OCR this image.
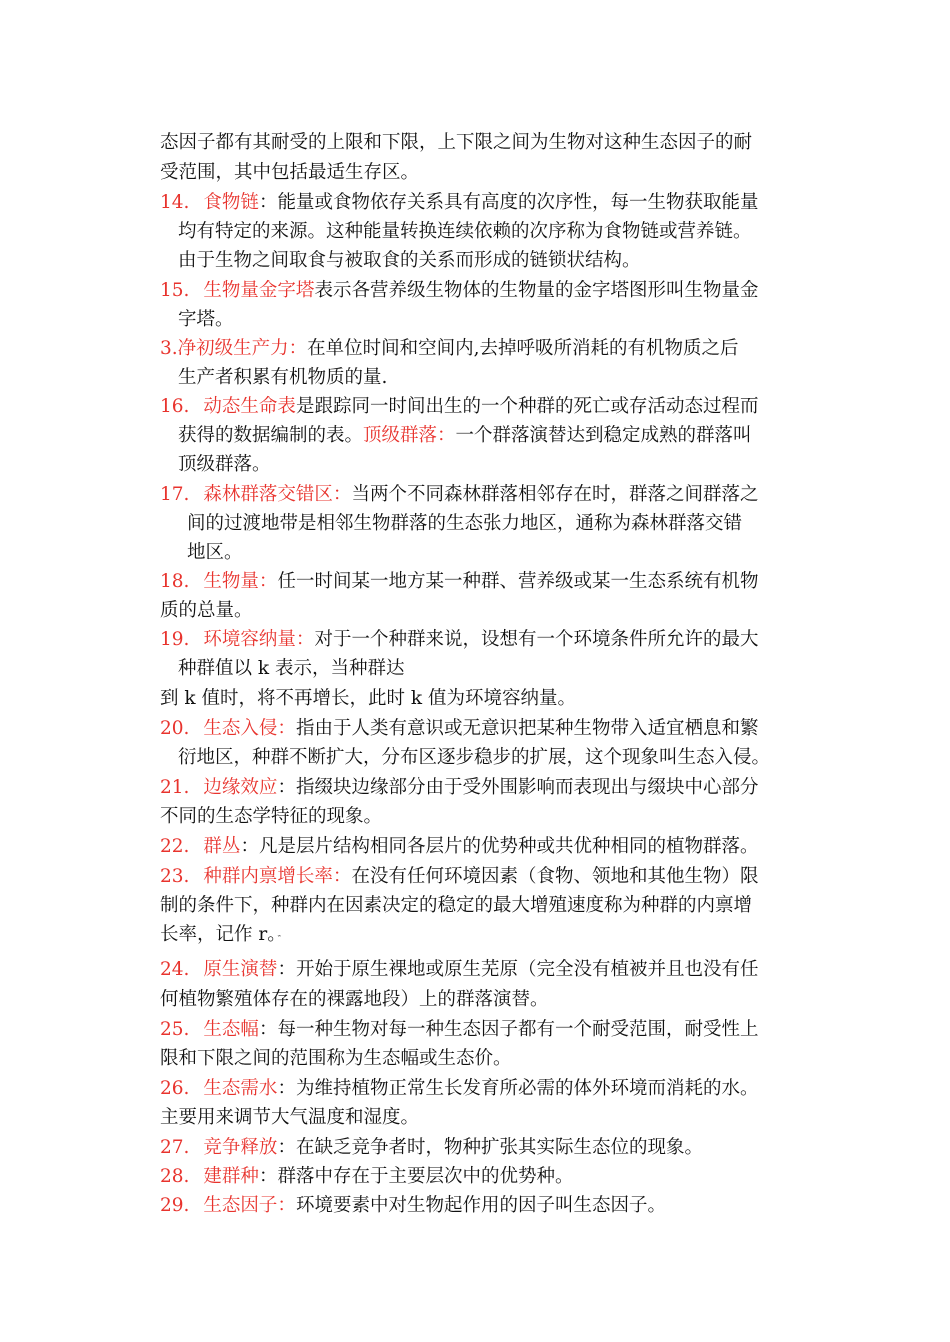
态因子都有其耐受的上限和下限，上下限之间为生物对这种生态因子的耐

受范围，其中包括最适生存区。

14. 食物链：能量或食物依存关系具有高度的次序性，每一生物获取能量

均有特定的来源。这种能量转换连续依赖的次序称为食物链或营养链。

由于生物之间取食与被取食的关系而形成的链锁状结构。

15. 生物量金字塔表示各营养级生物体的生物量的金字塔图形叫生物量金

字塔。

3.净初级生产力：在单位时间和空间内,去掉呼吸所消耗的有机物质之后

生产者积累有机物质的量.

16. 动态生命表是跟踪同一时间出生的一个种群的死亡或存活动态过程而

获得的数据编制的表。顶级群落：一个群落演替达到稳定成熟的群落叫

顶级群落。

17. 森林群落交错区：当两个不同森林群落相邻存在时，群落之间群落之

间的过渡地带是相邻生物群落的生态张力地区，通称为森林群落交错

地区。

18. 生物量：任一时间某一地方某一种群、营养级或某一生态系统有机物

质的总量。

19. 环境容纳量：对于一个种群来说，设想有一个环境条件所允许的最大

种群值以 k 表示，当种群达

到 k 值时，将不再增长，此时 k 值为环境容纳量。

20. 生态入侵：指由于人类有意识或无意识把某种生物带入适宜栖息和繁

衍地区，种群不断扩大，分布区逐步稳步的扩展，这个现象叫生态入侵。

21. 边缘效应：指缀块边缘部分由于受外围影响而表现出与缀块中心部分

不同的生态学特征的现象。

22. 群丛：凡是层片结构相同各层片的优势种或共优种相同的植物群落。

23. 种群内禀增长率：在没有任何环境因素（食物、领地和其他生物）限

制的条件下，种群内在因素决定的稳定的最大增殖速度称为种群的内禀增

长率，记作 r。

24. 原生演替：开始于原生裸地或原生芜原（完全没有植被并且也没有任

何植物繁殖体存在的裸露地段）上的群落演替。

25. 生态幅：每一种生物对每一种生态因子都有一个耐受范围，耐受性上

限和下限之间的范围称为生态幅或生态价。

26. 生态需水：为维持植物正常生长发育所必需的体外环境而消耗的水。

主要用来调节大气温度和湿度。

27. 竞争释放：在缺乏竞争者时，物种扩张其实际生态位的现象。

28. 建群种：群落中存在于主要层次中的优势种。

29. 生态因子：环境要素中对生物起作用的因子叫生态因子。
